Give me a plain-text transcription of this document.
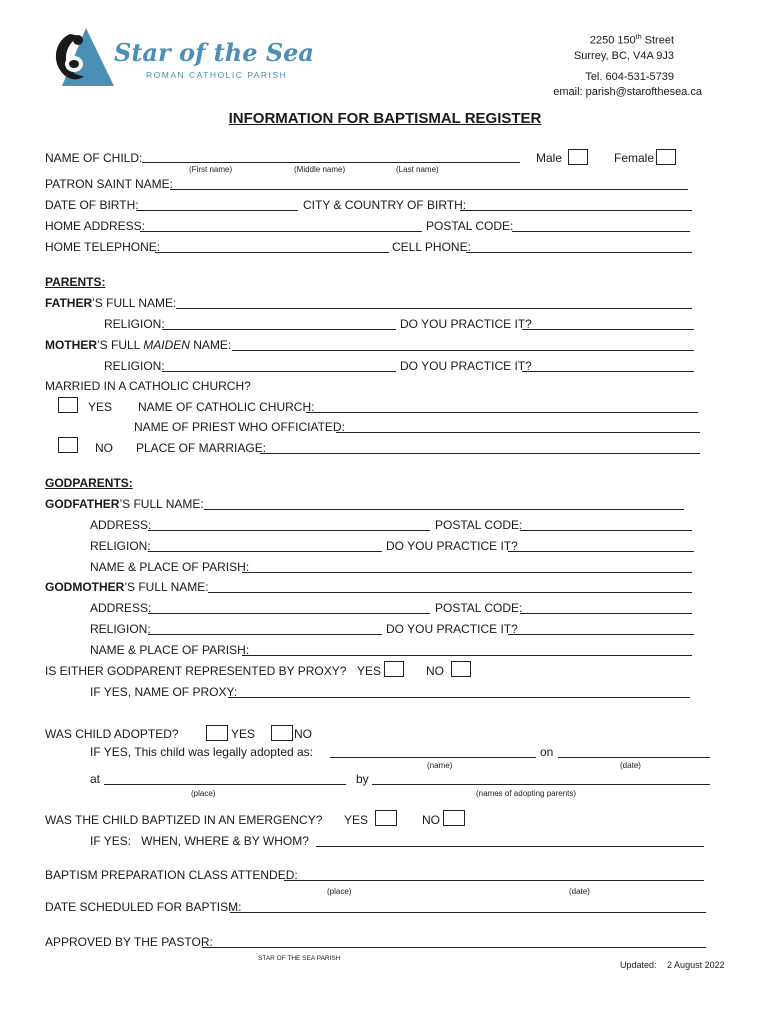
Star of the Sea
ROMAN CATHOLIC PARISH
2250 150th Street
Surrey, BC, V4A 9J3
Tel. 604-531-5739
email: parish@starofthesea.ca
INFORMATION FOR BAPTISMAL REGISTER
NAME OF CHILD:
(First name)	(Middle name)	(Last name)
Male	Female
PATRON SAINT NAME:
DATE OF BIRTH:	CITY & COUNTRY OF BIRTH:
HOME ADDRESS:	POSTAL CODE:
HOME TELEPHONE:	CELL PHONE:
PARENTS:
FATHER’S FULL NAME:
RELIGION:	DO YOU PRACTICE IT?
MOTHER’S FULL MAIDEN NAME:
RELIGION:	DO YOU PRACTICE IT?
MARRIED IN A CATHOLIC CHURCH?
YES NAME OF CATHOLIC CHURCH:
NAME OF PRIEST WHO OFFICIATED:
NO PLACE OF MARRIAGE:
GODPARENTS:
GODFATHER’S FULL NAME:
ADDRESS:	POSTAL CODE:
RELIGION:	DO YOU PRACTICE IT?
NAME & PLACE OF PARISH:
GODMOTHER’S FULL NAME:
ADDRESS:	POSTAL CODE:
RELIGION:	DO YOU PRACTICE IT?
NAME & PLACE OF PARISH:
IS EITHER GODPARENT REPRESENTED BY PROXY? YES	NO
IF YES, NAME OF PROXY:
WAS CHILD ADOPTED?	YES	NO
IF YES, This child was legally adopted as:	on
(name)	(date)
at	by
(place)	(names of adopting parents)
WAS THE CHILD BAPTIZED IN AN EMERGENCY? YES	NO
IF YES:   WHEN, WHERE & BY WHOM?
BAPTISM PREPARATION CLASS ATTENDED:
(place)	(date)
DATE SCHEDULED FOR BAPTISM:
APPROVED BY THE PASTOR:
STAR OF THE SEA PARISH
Updated: 2 August 2022
